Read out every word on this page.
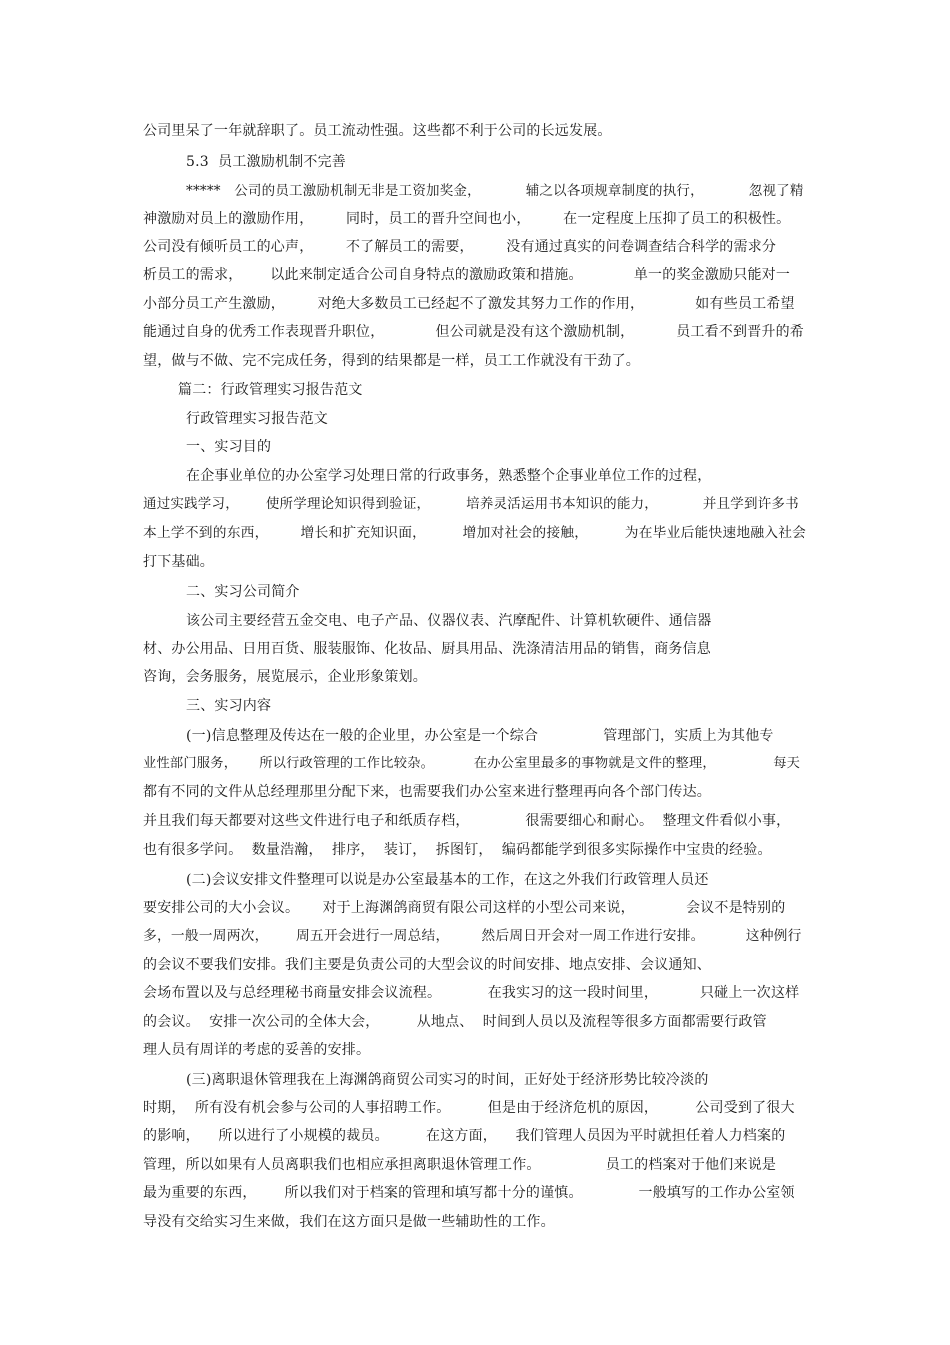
公司里呆了一年就辞职了。员工流动性强。这些都不利于公司的长远发展。
5.3  员工激励机制不完善
*****   公司的员工激励机制无非是工资加奖金，          辅之以各项规章制度的执行，          忽视了精
神激励对员上的激励作用，       同时，员工的晋升空间也小，       在一定程度上压抑了员工的积极性。
公司没有倾听员工的心声，       不了解员工的需要，       没有通过真实的问卷调查结合科学的需求分
析员工的需求，      以此来制定适合公司自身特点的激励政策和措施。           单一的奖金激励只能对一
小部分员工产生激励，       对绝大多数员工已经起不了激发其努力工作的作用，           如有些员工希望
能通过自身的优秀工作表现晋升职位，           但公司就是没有这个激励机制，         员工看不到晋升的希
望，做与不做、完不完成任务，得到的结果都是一样，员工工作就没有干劲了。
篇二：行政管理实习报告范文
行政管理实习报告范文
一、实习目的
在企事业单位的办公室学习处理日常的行政事务，熟悉整个企事业单位工作的过程，
通过实践学习，      使所学理论知识得到验证，        培养灵活运用书本知识的能力，          并且学到许多书
本上学不到的东西，       增长和扩充知识面，        增加对社会的接触，        为在毕业后能快速地融入社会
打下基础。
二、实习公司简介
该公司主要经营五金交电、电子产品、仪器仪表、汽摩配件、计算机软硬件、通信器
材、办公用品、日用百货、服装服饰、化妆品、厨具用品、洗涤清洁用品的销售，商务信息
咨询，会务服务，展览展示，企业形象策划。
三、实习内容
(一)信息整理及传达在一般的企业里，办公室是一个综合              管理部门，实质上为其他专
业性部门服务，     所以行政管理的工作比较杂。         在办公室里最多的事物就是文件的整理，             每天
都有不同的文件从总经理那里分配下来，也需要我们办公室来进行整理再向各个部门传达。
并且我们每天都要对这些文件进行电子和纸质存档，            很需要细心和耐心。  整理文件看似小事，
也有很多学问。  数量浩瀚，  排序，  装订，  拆图钉，  编码都能学到很多实际操作中宝贵的经验。
(二)会议安排文件整理可以说是办公室最基本的工作，在这之外我们行政管理人员还
要安排公司的大小会议。     对于上海渊鸽商贸有限公司这样的小型公司来说，           会议不是特别的
多，一般一周两次，      周五开会进行一周总结，       然后周日开会对一周工作进行安排。         这种例行
的会议不要我们安排。我们主要是负责公司的大型会议的时间安排、地点安排、会议通知、
会场布置以及与总经理秘书商量安排会议流程。          在我实习的这一段时间里，         只碰上一次这样
的会议。  安排一次公司的全体大会，        从地点、  时间到人员以及流程等很多方面都需要行政管
理人员有周详的考虑的妥善的安排。
(三)离职退休管理我在上海渊鸽商贸公司实习的时间，正好处于经济形势比较冷淡的
时期，  所有没有机会参与公司的人事招聘工作。        但是由于经济危机的原因，        公司受到了很大
的影响，    所以进行了小规模的裁员。        在这方面，    我们管理人员因为平时就担任着人力档案的
管理，所以如果有人员离职我们也相应承担离职退休管理工作。              员工的档案对于他们来说是
最为重要的东西，      所以我们对于档案的管理和填写都十分的谨慎。            一般填写的工作办公室领
导没有交给实习生来做，我们在这方面只是做一些辅助性的工作。
